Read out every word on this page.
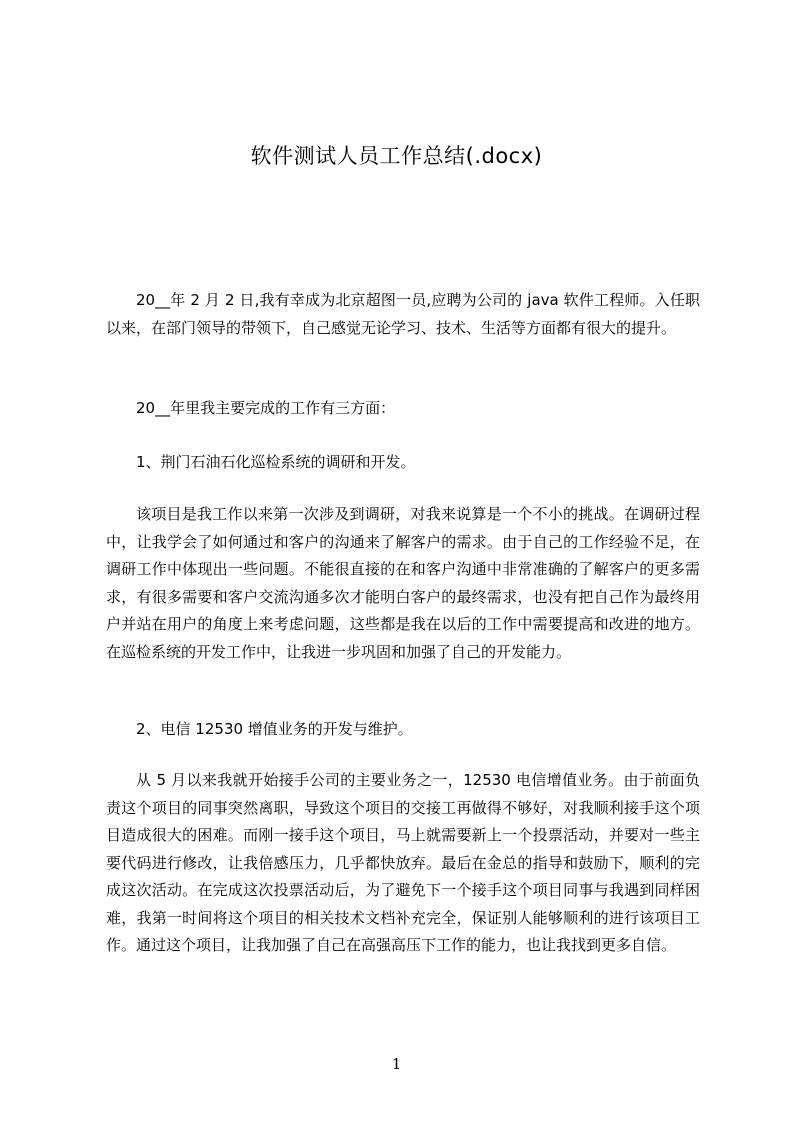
软件测试人员工作总结(.docx)

20__年 2 月 2 日,我有幸成为北京超图一员,应聘为公司的 java 软件工程师。入任职以来，在部门领导的带领下，自己感觉无论学习、技术、生活等方面都有很大的提升。

20__年里我主要完成的工作有三方面：

1、荆门石油石化巡检系统的调研和开发。

该项目是我工作以来第一次涉及到调研，对我来说算是一个不小的挑战。在调研过程中，让我学会了如何通过和客户的沟通来了解客户的需求。由于自己的工作经验不足，在调研工作中体现出一些问题。不能很直接的在和客户沟通中非常准确的了解客户的更多需求，有很多需要和客户交流沟通多次才能明白客户的最终需求，也没有把自己作为最终用户并站在用户的角度上来考虑问题，这些都是我在以后的工作中需要提高和改进的地方。在巡检系统的开发工作中，让我进一步巩固和加强了自己的开发能力。

2、电信 12530 增值业务的开发与维护。

从 5 月以来我就开始接手公司的主要业务之一，12530 电信增值业务。由于前面负责这个项目的同事突然离职，导致这个项目的交接工再做得不够好，对我顺利接手这个项目造成很大的困难。而刚一接手这个项目，马上就需要新上一个投票活动，并要对一些主要代码进行修改，让我倍感压力，几乎都快放弃。最后在金总的指导和鼓励下，顺利的完成这次活动。在完成这次投票活动后，为了避免下一个接手这个项目同事与我遇到同样困难，我第一时间将这个项目的相关技术文档补充完全，保证别人能够顺利的进行该项目工作。通过这个项目，让我加强了自己在高强高压下工作的能力，也让我找到更多自信。

1
